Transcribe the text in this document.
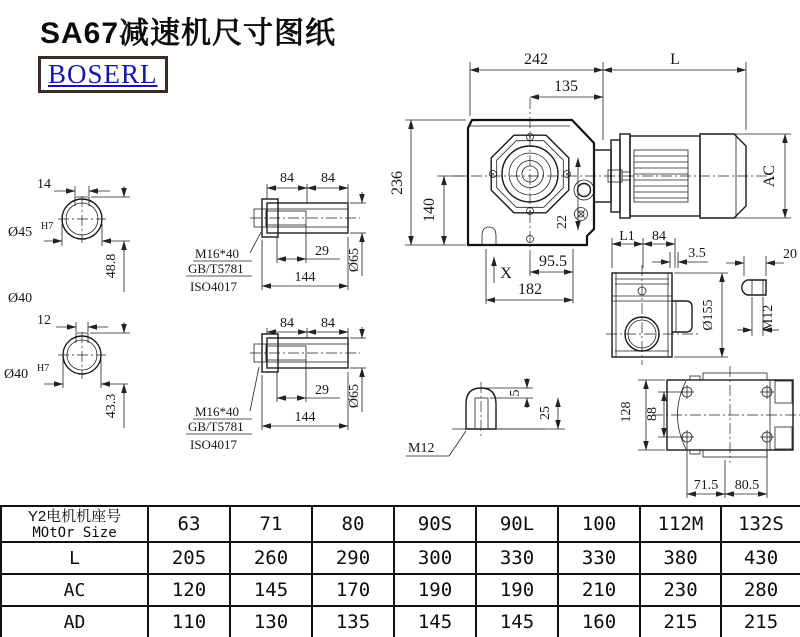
SA67减速机尺寸图纸
BOSERL
14
Ø45 H7
48.8
Ø40
12
Ø40 H7
43.3
84 84
29
144
Ø65
M16*40
GB/T5781
ISO4017
84 84
29
144
Ø65
M16*40
GB/T5781
ISO4017
242	L
135
236
140	22
95.5
182
X
AC
L1 84
3.5
Ø155
20
M12
128 88
71.5 80.5
5
25
M12
Y2电机机座号
MOtOr Size	63	71	80	90S	90L	100	112M	132S
L	205	260	290	300	330	330	380	430
AC	120	145	170	190	190	210	230	280
AD	110	130	135	145	145	160	215	215
